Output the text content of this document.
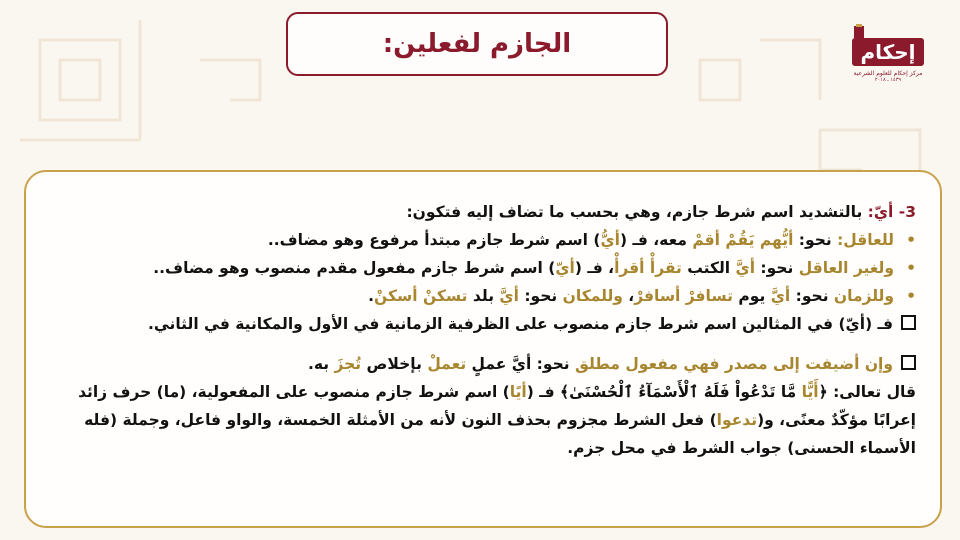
الجازم لفعلين:	إحكام
مركز إحكام للعلوم الشرعية
١٤٣٩ ـ ٢٠١٨
3- أيّ: بالتشديد اسم شرط جازم، وهي بحسب ما تضاف إليه فتكون:
•للعاقل: نحو: أيُّهم يَقُمْ أقمْ معه، فـ (أيُّ) اسم شرط جازم مبتدأ مرفوع وهو مضاف..
•ولغير العاقل نحو: أيَّ الكتب تقرأْ أقرأْ، فـ (أيّ) اسم شرط جازم مفعول مقدم منصوب وهو مضاف..
•وللزمان نحو: أيَّ يوم تسافرْ أسافرْ، وللمكان نحو: أيَّ بلد تسكنْ أسكنْ.
فـ (أيّ) في المثالين اسم شرط جازم منصوب على الظرفية الزمانية في الأول والمكانية في الثاني.
وإن أضيفت إلى مصدر فهي مفعول مطلق نحو: أيَّ عملٍ تعملْ بإخلاص تُجزَ به.
قال تعالى: ﴿أَيًّا مَّا تَدْعُواْ فَلَهُ ٱلْأَسْمَآءُ ٱلْحُسْنَىٰ﴾ فـ (أيًا) اسم شرط جازم منصوب على المفعولية، (ما) حرف زائد إعرابًا مؤكّدٌ معنًى، و(تدعوا) فعل الشرط مجزوم بحذف النون لأنه من الأمثلة الخمسة، والواو فاعل، وجملة (فله الأسماء الحسنى) جواب الشرط في محل جزم.
